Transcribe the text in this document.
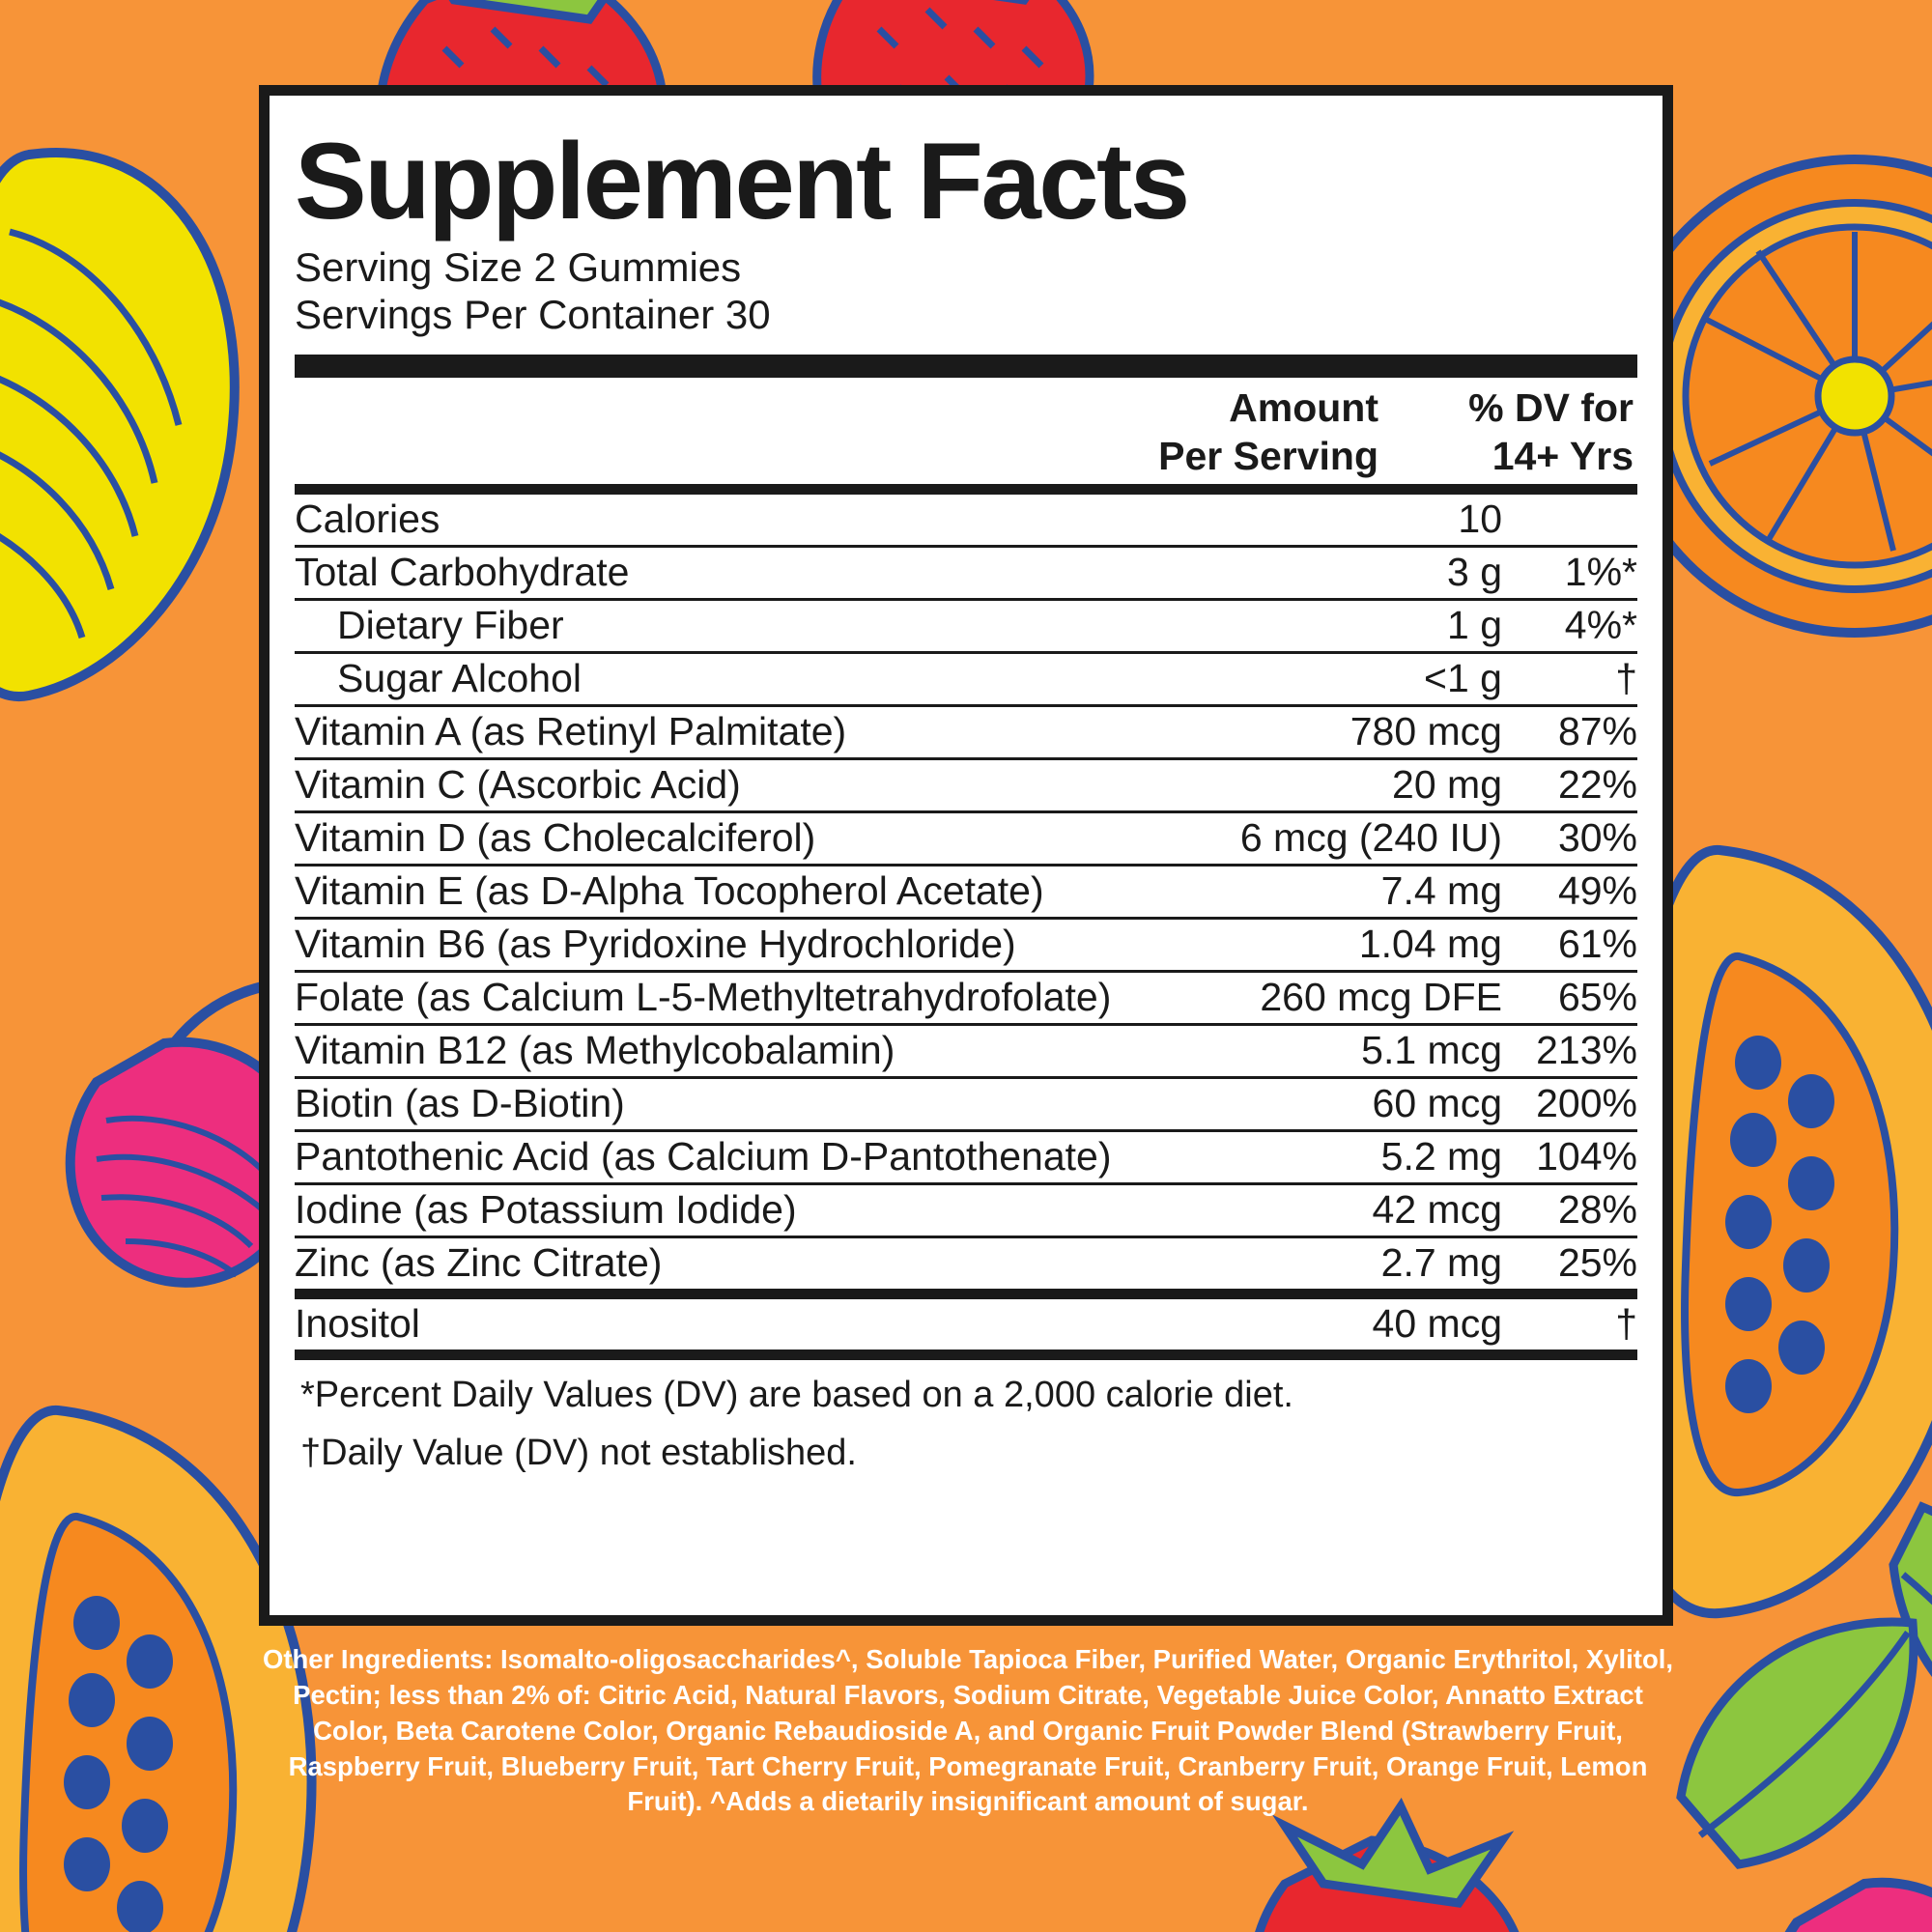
Supplement Facts
Serving Size 2 Gummies
Servings Per Container 30
Amount
Per Serving
% DV for
14+ Yrs
Calories	10	
Total Carbohydrate	3 g	1%*
Dietary Fiber	1 g	4%*
Sugar Alcohol	<1 g	†
Vitamin A (as Retinyl Palmitate)	780 mcg	87%
Vitamin C (Ascorbic Acid)	20 mg	22%
Vitamin D (as Cholecalciferol)	6 mcg (240 IU)	30%
Vitamin E (as D-Alpha Tocopherol Acetate)	7.4 mg	49%
Vitamin B6 (as Pyridoxine Hydrochloride)	1.04 mg	61%
Folate (as Calcium L-5-Methyltetrahydrofolate)	260 mcg DFE	65%
Vitamin B12 (as Methylcobalamin)	5.1 mcg	213%
Biotin (as D-Biotin)	60 mcg	200%
Pantothenic Acid (as Calcium D-Pantothenate)	5.2 mg	104%
Iodine (as Potassium Iodide)	42 mcg	28%
Zinc (as Zinc Citrate)	2.7 mg	25%
Inositol	40 mcg	†
*Percent Daily Values (DV) are based on a 2,000 calorie diet.
†Daily Value (DV) not established.
Other Ingredients: Isomalto-oligosaccharides^, Soluble Tapioca Fiber, Purified Water, Organic Erythritol, Xylitol, Pectin; less than 2% of: Citric Acid, Natural Flavors, Sodium Citrate, Vegetable Juice Color, Annatto Extract Color, Beta Carotene Color, Organic Rebaudioside A, and Organic Fruit Powder Blend (Strawberry Fruit, Raspberry Fruit, Blueberry Fruit, Tart Cherry Fruit, Pomegranate Fruit, Cranberry Fruit, Orange Fruit, Lemon Fruit). ^Adds a dietarily insignificant amount of sugar.
